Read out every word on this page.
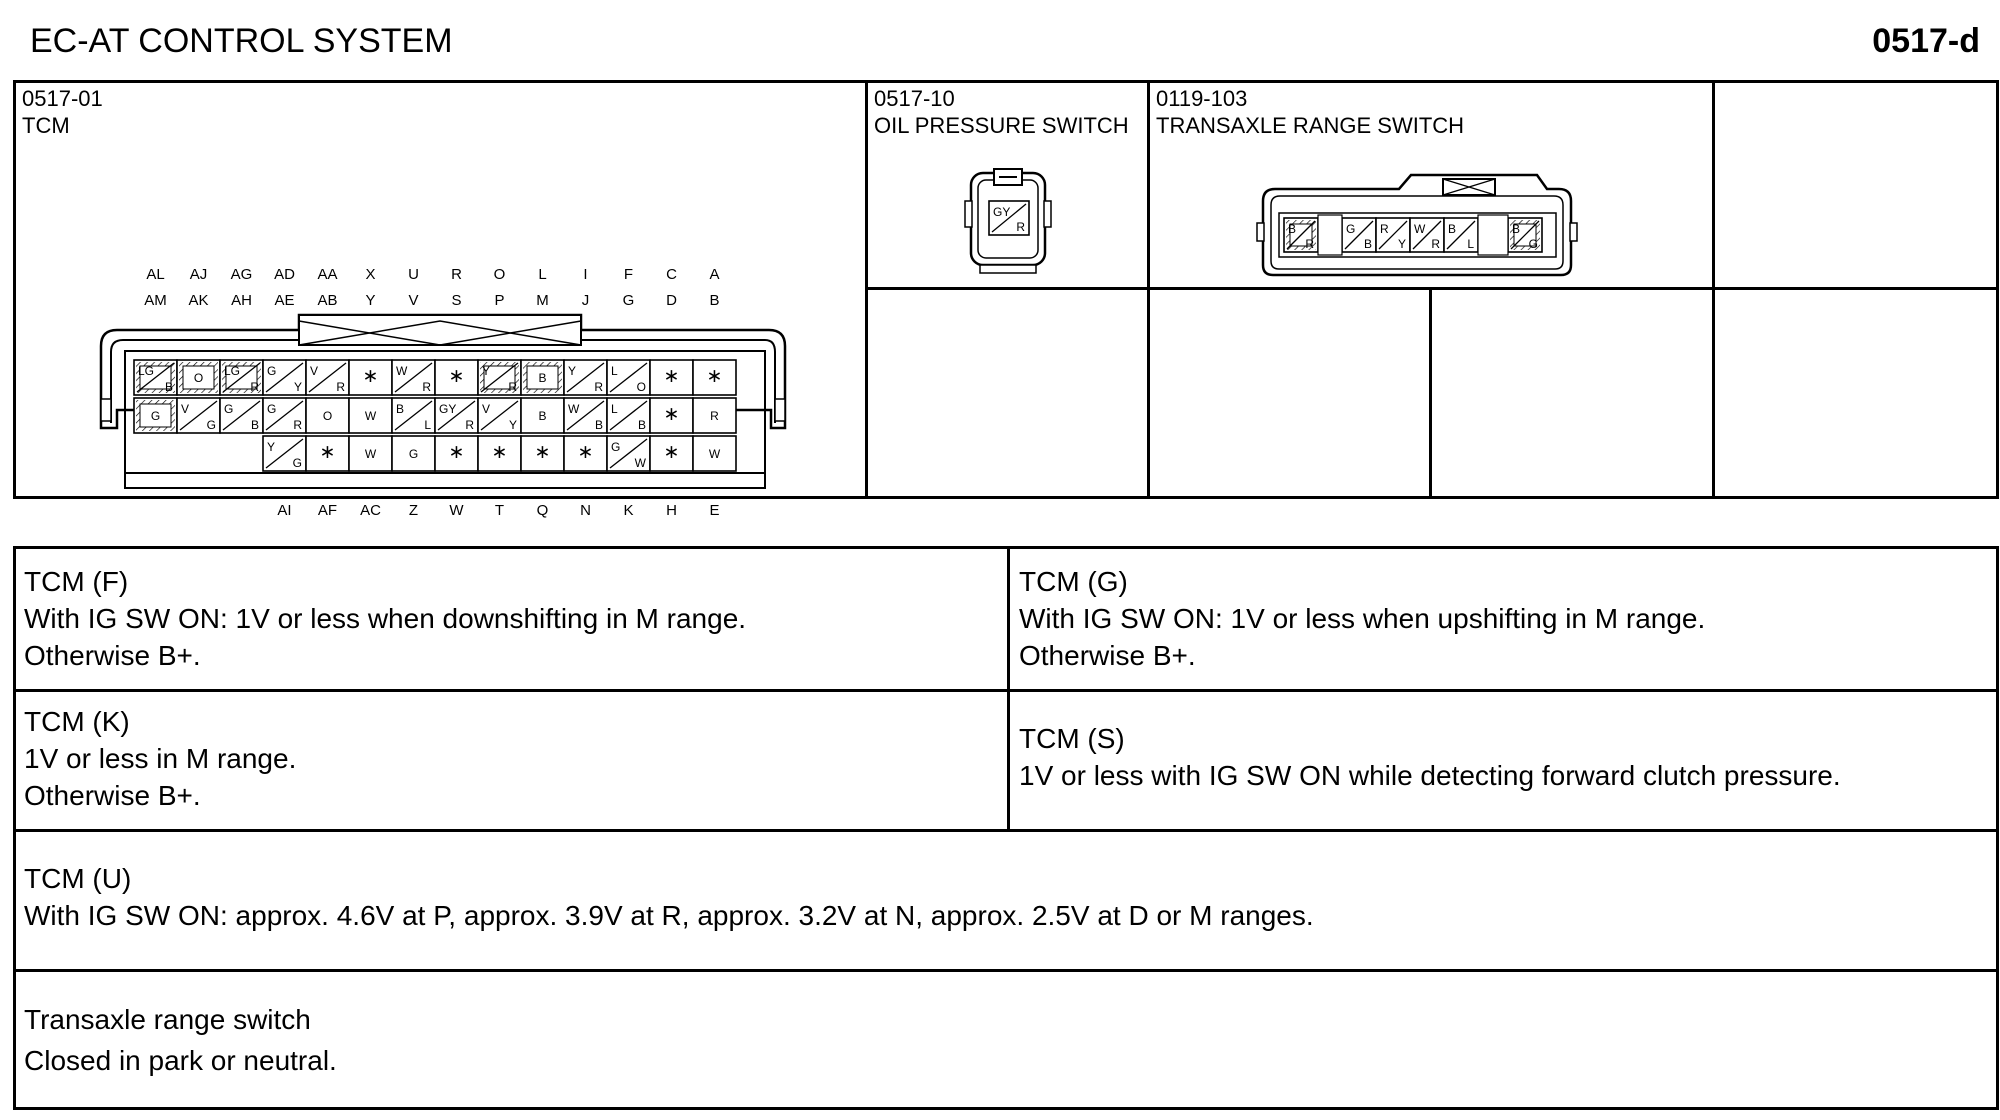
EC-AT CONTROL SYSTEM	0517-d
0517-01
TCM
LG
B
O
LG
R
G
Y
V
R ∗ W
R ∗ Y
R
B
Y
R
L
O ∗ ∗
G
V
G
G
B
G
R
O	W
B
L
GY
R
V
Y
B
W
B
L
B ∗	R
Y
G ∗ W	G ∗ ∗ ∗ ∗ G
W ∗ W
AL AJ AG AD AA X U R O L I F C A
AM AK AH AE AB Y V S P M J G D B
AI AF AC Z W T Q N K H E
0517-10
OIL PRESSURE SWITCH
GY
R
0119-103
TRANSAXLE RANGE SWITCH
B
R
G
B
R
Y
W
R
B
L
B
G
TCM (F)
With IG SW ON: 1V or less when downshifting in M range.
Otherwise B+.
TCM (G)
With IG SW ON: 1V or less when upshifting in M range.
Otherwise B+.
TCM (K)
1V or less in M range.
Otherwise B+.
TCM (S)
1V or less with IG SW ON while detecting forward clutch pressure.
TCM (U)
With IG SW ON: approx. 4.6V at P, approx. 3.9V at R, approx. 3.2V at N, approx. 2.5V at D or M ranges.
Transaxle range switch
Closed in park or neutral.
